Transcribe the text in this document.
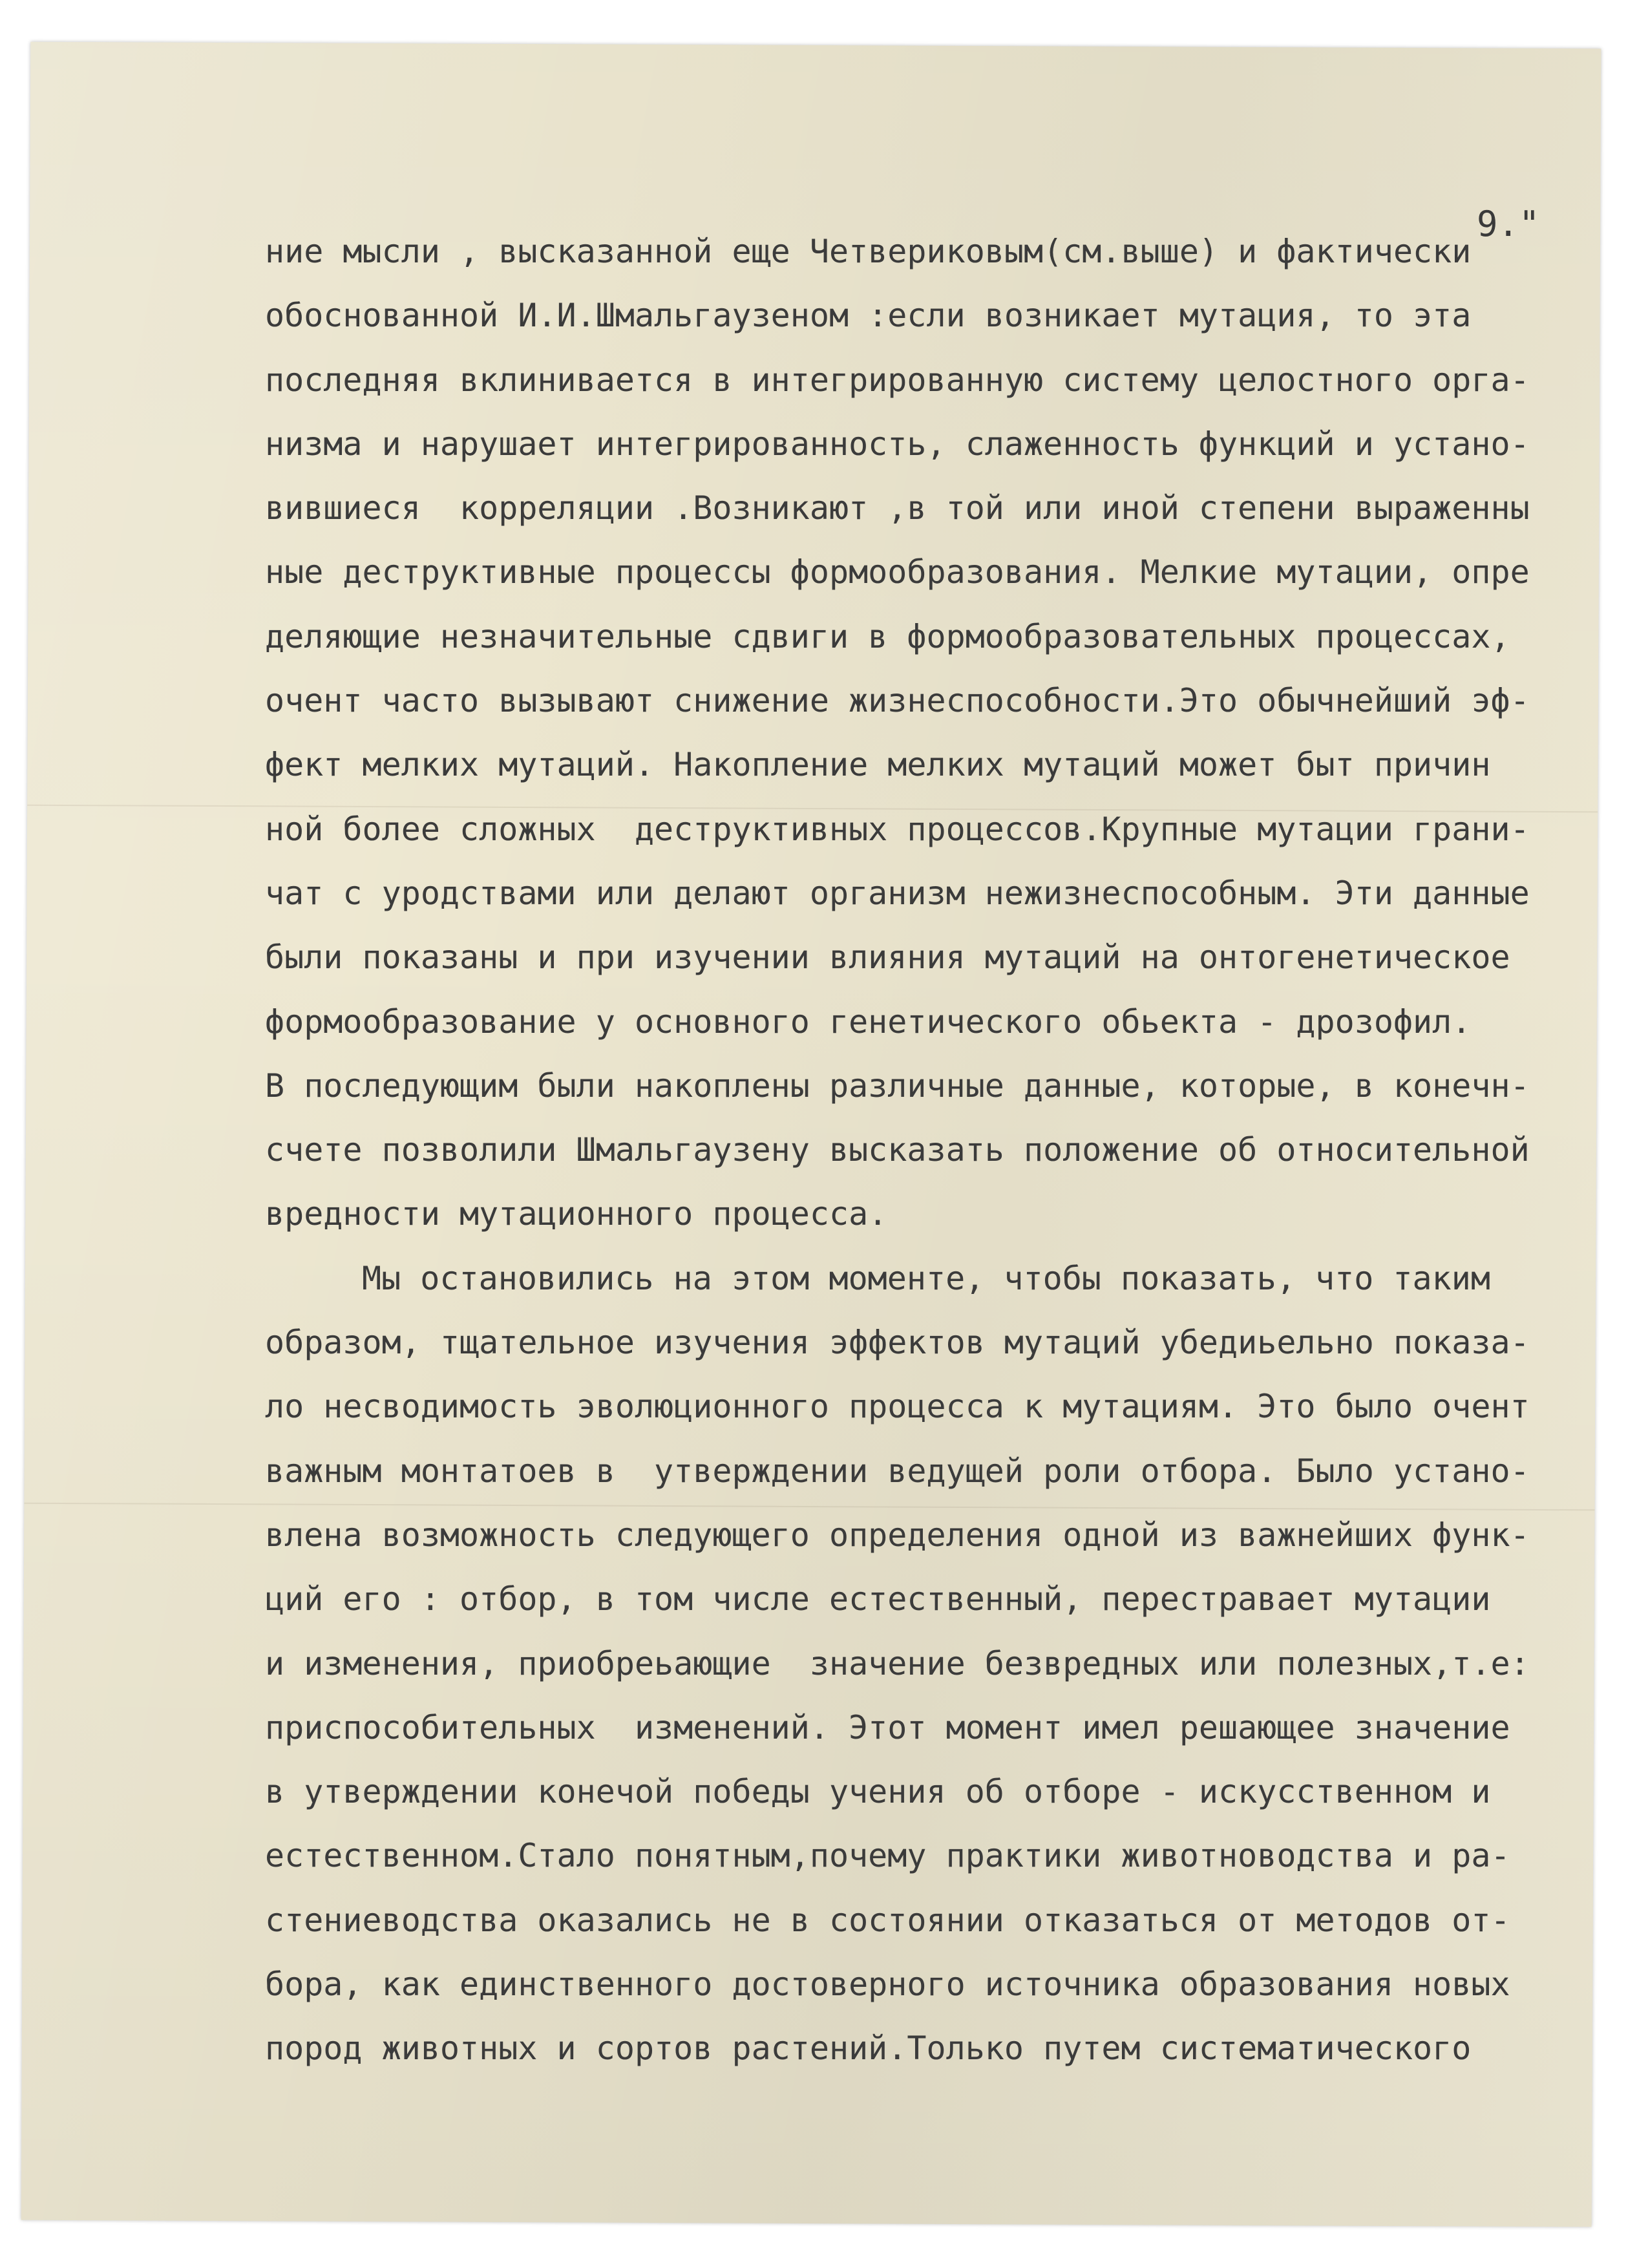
9."
ние мысли , высказанной еще Четвериковым(см.выше) и фактически
обоснованной И.И.Шмальгаузеном :если возникает мутация, то эта
последняя вклинивается в интегрированную систему целостного орга-
низма и нарушает интегрированность, слаженность функций и устано-
вившиеся  корреляции .Возникают ,в той или иной степени выраженны
ные деструктивные процессы формообразования. Мелкие мутации, опре
деляющие незначительные сдвиги в формообразовательных процессах,
очент часто вызывают снижение жизнеспособности.Это обычнейший эф-
фект мелких мутаций. Накопление мелких мутаций может быт причин
ной более сложных  деструктивных процессов.Крупные мутации грани-
чат с уродствами или делают организм нежизнеспособным. Эти данные
были показаны и при изучении влияния мутаций на онтогенетическое
формообразование у основного генетического обьекта - дрозофил.
В последующим были накоплены различные данные, которые, в конечн-
счете позволили Шмальгаузену высказать положение об относительной
вредности мутационного процесса.
Мы остановились на этом моменте, чтобы показать, что таким
образом, тщательное изучения эффектов мутаций убедиьельно показа-
ло несводимость эволюционного процесса к мутациям. Это было очент
важным монтатоев в  утверждении ведущей роли отбора. Было устано-
влена возможность следующего определения одной из важнейших функ-
ций его : отбор, в том числе естественный, перестравает мутации
и изменения, приобреьающие  значение безвредных или полезных,т.е:
приспособительных  изменений. Этот момент имел решающее значение
в утверждении конечой победы учения об отборе - искусственном и
естественном.Стало понятным,почему практики животноводства и ра-
стениеводства оказались не в состоянии отказаться от методов от-
бора, как единственного достоверного источника образования новых
пород животных и сортов растений.Только путем систематического
